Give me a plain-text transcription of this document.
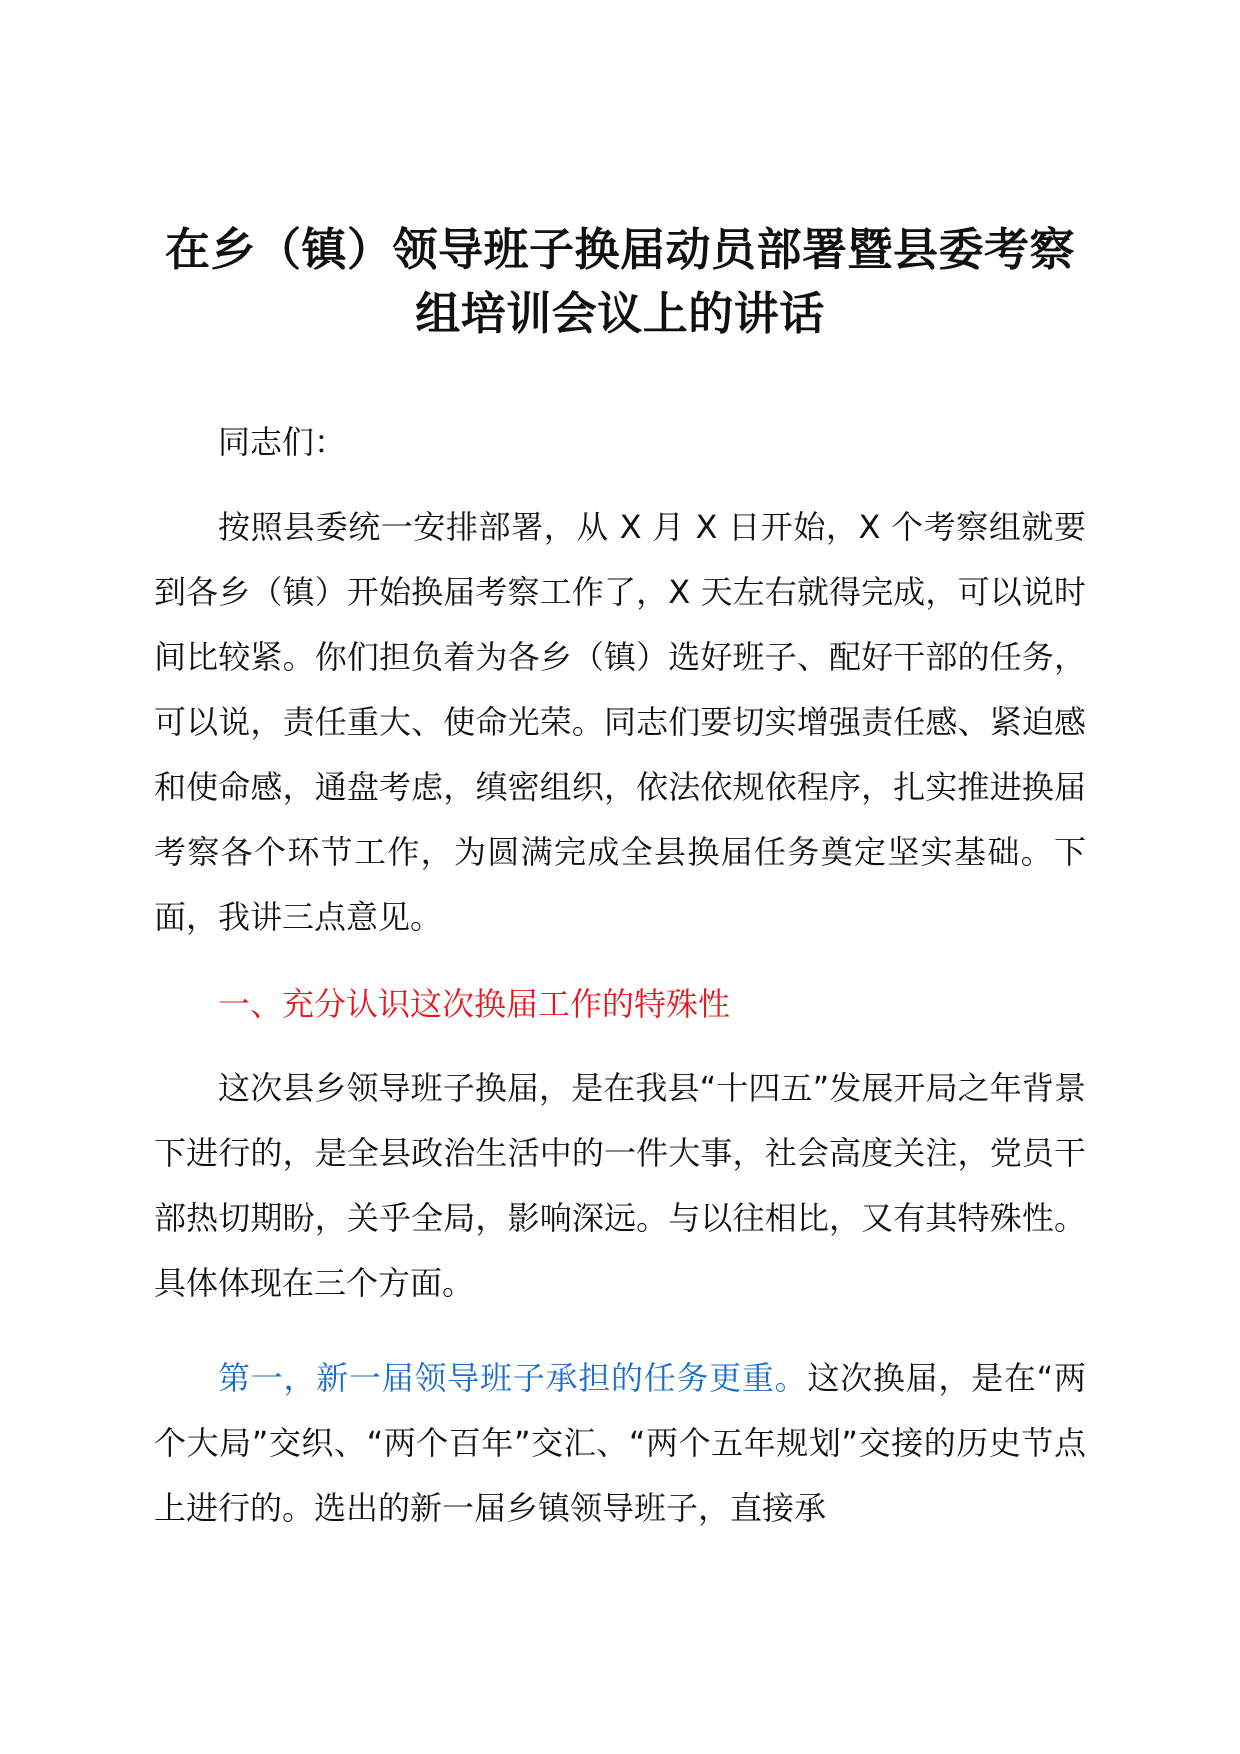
在乡（镇）领导班子换届动员部署暨县委考察
组培训会议上的讲话
同志们：

按照县委统一安排部署，从 X 月 X 日开始，X 个考察组就要到各乡（镇）开始换届考察工作了，X 天左右就得完成，可以说时间比较紧。你们担负着为各乡（镇）选好班子、配好干部的任务，可以说，责任重大、使命光荣。同志们要切实增强责任感、紧迫感和使命感，通盘考虑，缜密组织，依法依规依程序，扎实推进换届考察各个环节工作，为圆满完成全县换届任务奠定坚实基础。下面，我讲三点意见。

一、充分认识这次换届工作的特殊性

这次县乡领导班子换届，是在我县“十四五”发展开局之年背景下进行的，是全县政治生活中的一件大事，社会高度关注，党员干部热切期盼，关乎全局，影响深远。与以往相比，又有其特殊性。具体体现在三个方面。

第一，新一届领导班子承担的任务更重。这次换届，是在“两个大局”交织、“两个百年”交汇、“两个五年规划”交接的历史节点上进行的。选出的新一届乡镇领导班子，直接承
